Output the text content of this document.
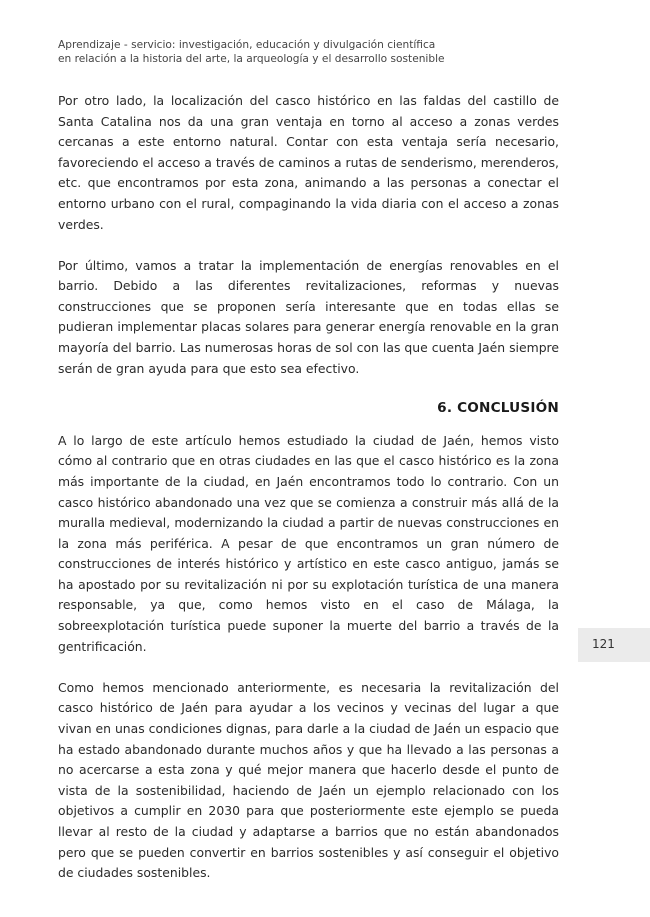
Aprendizaje - servicio: investigación, educación y divulgación científica
en relación a la historia del arte, la arqueología y el desarrollo sostenible

Por otro lado, la localización del casco histórico en las faldas del castillo de Santa Catalina nos da una gran ventaja en torno al acceso a zonas verdes cercanas a este entorno natural. Contar con esta ventaja sería necesario, favoreciendo el acceso a través de caminos a rutas de senderismo, merenderos, etc. que encontramos por esta zona, animando a las personas a conectar el entorno urbano con el rural, compaginando la vida diaria con el acceso a zonas verdes.

Por último, vamos a tratar la implementación de energías renovables en el barrio. Debido a las diferentes revitalizaciones, reformas y nuevas construcciones que se proponen sería interesante que en todas ellas se pudieran implementar placas solares para generar energía renovable en la gran mayoría del barrio. Las numerosas horas de sol con las que cuenta Jaén siempre serán de gran ayuda para que esto sea efectivo.

6. CONCLUSIÓN

A lo largo de este artículo hemos estudiado la ciudad de Jaén, hemos visto cómo al contrario que en otras ciudades en las que el casco histórico es la zona más importante de la ciudad, en Jaén encontramos todo lo contrario. Con un casco histórico abandonado una vez que se comienza a construir más allá de la muralla medieval, modernizando la ciudad a partir de nuevas construcciones en la zona más periférica. A pesar de que encontramos un gran número de construcciones de interés histórico y artístico en este casco antiguo, jamás se ha apostado por su revitalización ni por su explotación turística de una manera responsable, ya que, como hemos visto en el caso de Málaga, la sobreexplotación turística puede suponer la muerte del barrio a través de la gentrificación.

Como hemos mencionado anteriormente, es necesaria la revitalización del casco histórico de Jaén para ayudar a los vecinos y vecinas del lugar a que vivan en unas condiciones dignas, para darle a la ciudad de Jaén un espacio que ha estado abandonado durante muchos años y que ha llevado a las personas a no acercarse a esta zona y qué mejor manera que hacerlo desde el punto de vista de la sostenibilidad, haciendo de Jaén un ejemplo relacionado con los objetivos a cumplir en 2030 para que posteriormente este ejemplo se pueda llevar al resto de la ciudad y adaptarse a barrios que no están abandonados pero que se pueden convertir en barrios sostenibles y así conseguir el objetivo de ciudades sostenibles.

121
